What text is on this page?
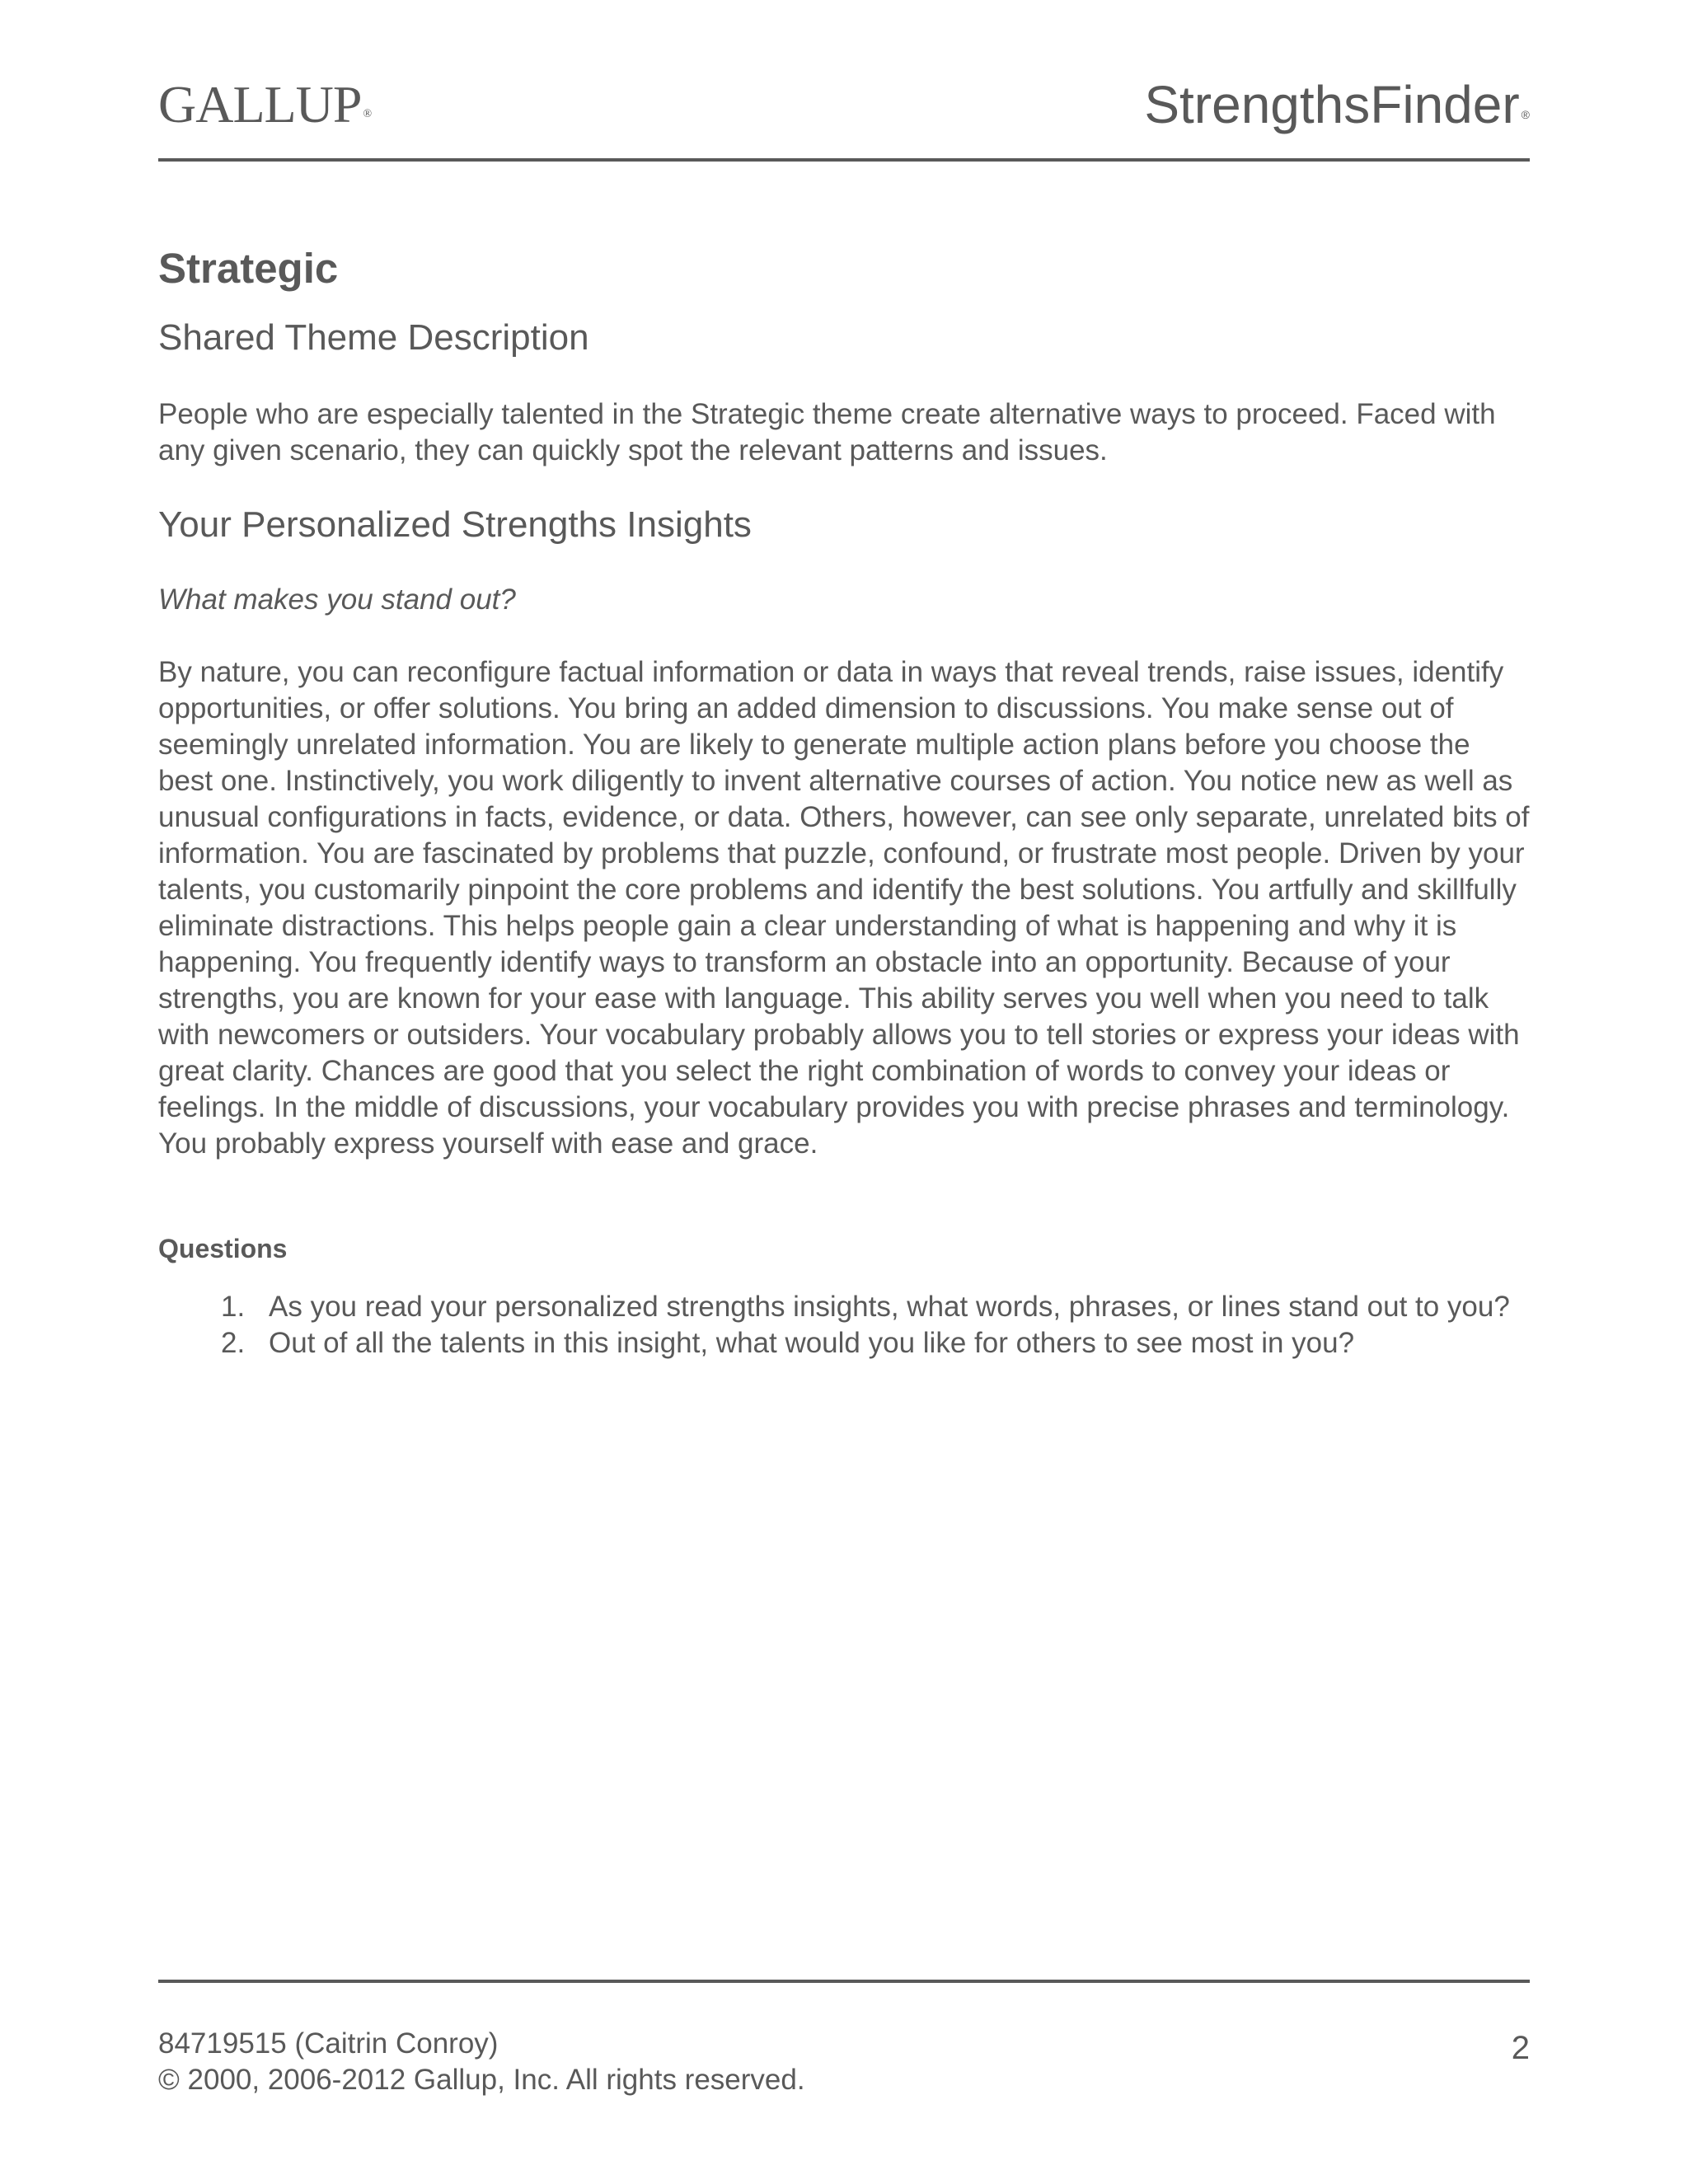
GALLUP ®	StrengthsFinder ®
Strategic
Shared Theme Description

People who are especially talented in the Strategic theme create alternative ways to proceed. Faced with any given scenario, they can quickly spot the relevant patterns and issues.

Your Personalized Strengths Insights

What makes you stand out?

By nature, you can reconfigure factual information or data in ways that reveal trends, raise issues, identify opportunities, or offer solutions. You bring an added dimension to discussions. You make sense out of seemingly unrelated information. You are likely to generate multiple action plans before you choose the best one. Instinctively, you work diligently to invent alternative courses of action. You notice new as well as unusual configurations in facts, evidence, or data. Others, however, can see only separate, unrelated bits of information. You are fascinated by problems that puzzle, confound, or frustrate most people. Driven by your talents, you customarily pinpoint the core problems and identify the best solutions. You artfully and skillfully eliminate distractions. This helps people gain a clear understanding of what is happening and why it is happening. You frequently identify ways to transform an obstacle into an opportunity. Because of your strengths, you are known for your ease with language. This ability serves you well when you need to talk with newcomers or outsiders. Your vocabulary probably allows you to tell stories or express your ideas with great clarity. Chances are good that you select the right combination of words to convey your ideas or feelings. In the middle of discussions, your vocabulary provides you with precise phrases and terminology. You probably express yourself with ease and grace.

Questions

1. As you read your personalized strengths insights, what words, phrases, or lines stand out to you?
2. Out of all the talents in this insight, what would you like for others to see most in you?
84719515 (Caitrin Conroy)
© 2000, 2006-2012 Gallup, Inc. All rights reserved.
2
